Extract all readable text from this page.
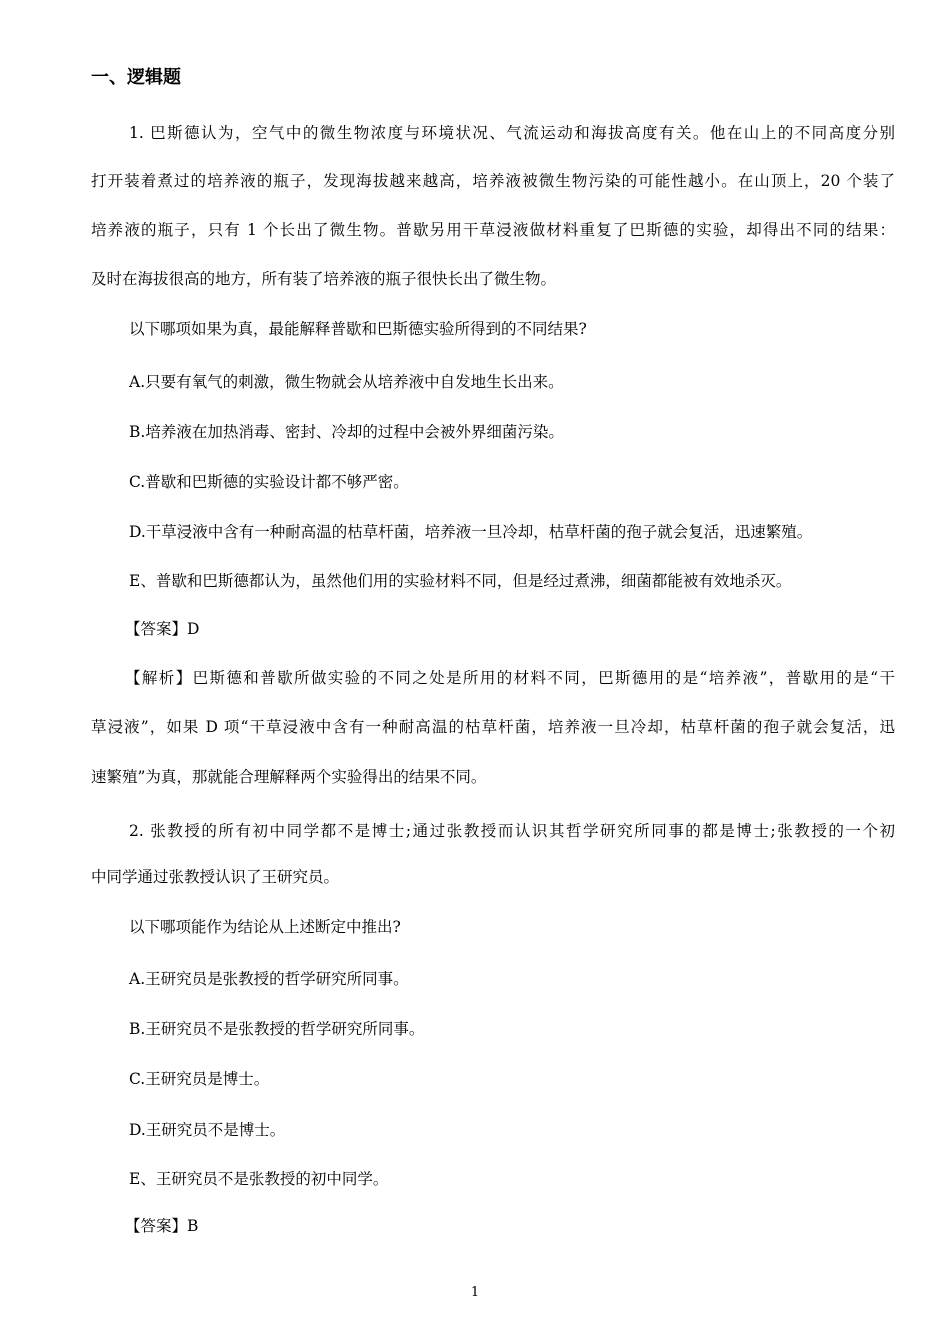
一、逻辑题
1. 巴斯德认为，空气中的微生物浓度与环境状况、气流运动和海拔高度有关。他在山上的不同高度分别
打开装着煮过的培养液的瓶子，发现海拔越来越高，培养液被微生物污染的可能性越小。在山顶上，20 个装了
培养液的瓶子，只有 1 个长出了微生物。普歇另用干草浸液做材料重复了巴斯德的实验，却得出不同的结果：
及时在海拔很高的地方，所有装了培养液的瓶子很快长出了微生物。
以下哪项如果为真，最能解释普歇和巴斯德实验所得到的不同结果?
A.只要有氧气的刺激，微生物就会从培养液中自发地生长出来。
B.培养液在加热消毒、密封、冷却的过程中会被外界细菌污染。
C.普歇和巴斯德的实验设计都不够严密。
D.干草浸液中含有一种耐高温的枯草杆菌，培养液一旦冷却，枯草杆菌的孢子就会复活，迅速繁殖。
E、普歇和巴斯德都认为，虽然他们用的实验材料不同，但是经过煮沸，细菌都能被有效地杀灭。
【答案】D
【解析】巴斯德和普歇所做实验的不同之处是所用的材料不同，巴斯德用的是“培养液”，普歇用的是“干
草浸液”，如果 D 项“干草浸液中含有一种耐高温的枯草杆菌，培养液一旦冷却，枯草杆菌的孢子就会复活，迅
速繁殖”为真，那就能合理解释两个实验得出的结果不同。
2. 张教授的所有初中同学都不是博士;通过张教授而认识其哲学研究所同事的都是博士;张教授的一个初
中同学通过张教授认识了王研究员。
以下哪项能作为结论从上述断定中推出?
A.王研究员是张教授的哲学研究所同事。
B.王研究员不是张教授的哲学研究所同事。
C.王研究员是博士。
D.王研究员不是博士。
E、王研究员不是张教授的初中同学。
【答案】B
1
